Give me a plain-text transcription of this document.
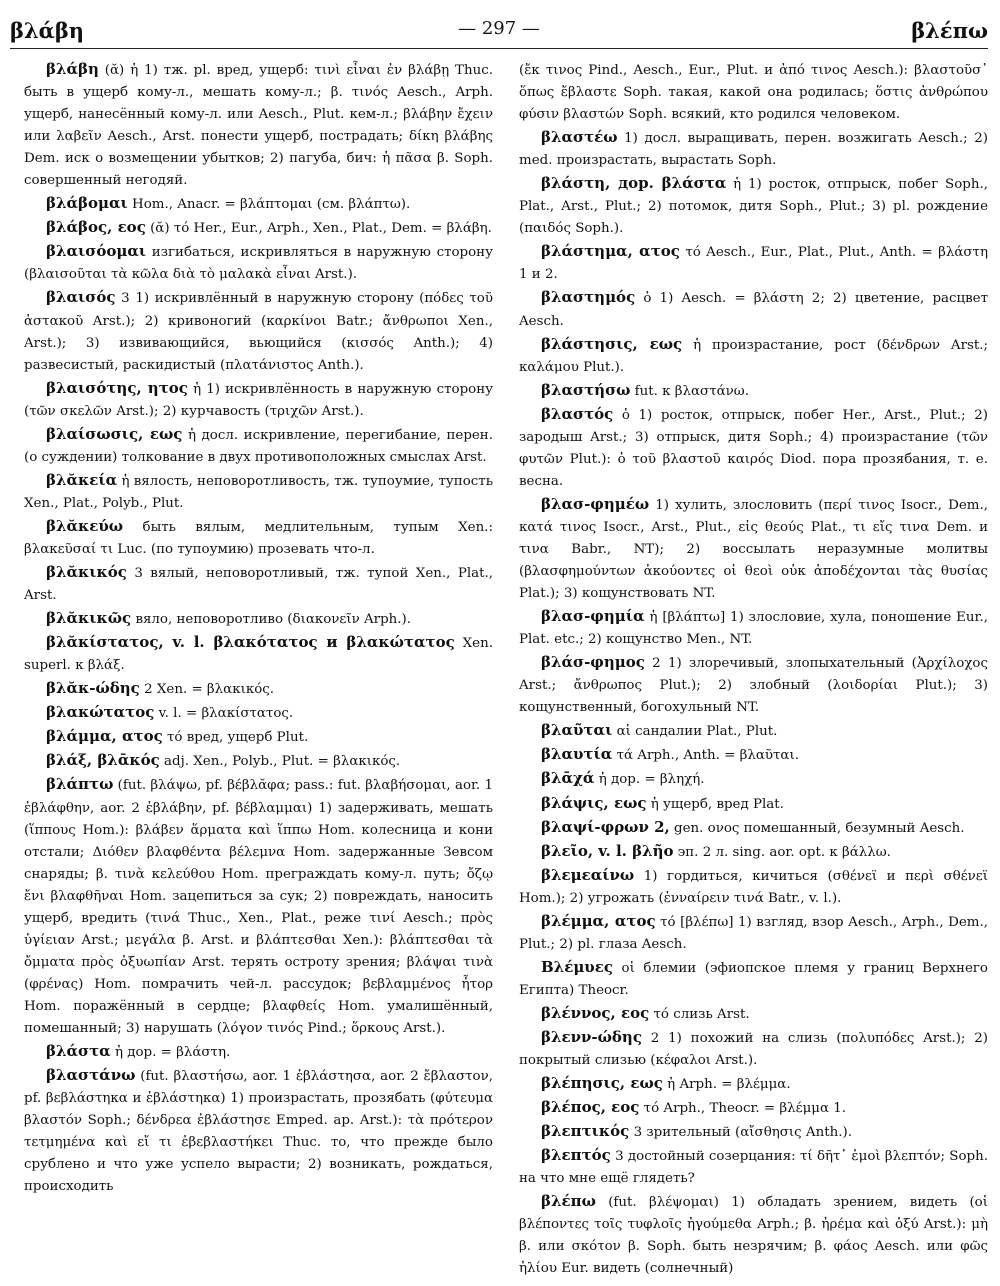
βλάβη	— 297 —	βλέπω
βλάβη (ᾰ) ἡ 1) тж. pl. вред, ущерб: τινὶ εἶναι ἐν βλάβῃ Thuc. быть в ущерб кому-л., мешать кому-л.; β. τινός Aesch., Arph. ущерб, нанесённый кому-л. или Aesch., Plut. кем-л.; βλάβην ἔχειν или λαβεῖν Aesch., Arst. понести ущерб, пострадать; δίκη βλάβης Dem. иск о возмещении убытков; 2) пагуба, бич: ἡ πᾶσα β. Soph. совершенный негодяй.
βλάβομαι Hom., Anacr. = βλάπτομαι (см. βλάπτω).
βλάβος, εος (ᾰ) τό Her., Eur., Arph., Xen., Plat., Dem. = βλάβη.
βλαισόομαι изгибаться, искривляться в наружную сторону (βλαισοῦται τὰ κῶλα διὰ τὸ μαλακὰ εἶναι Arst.).
βλαισός 3 1) искривлённый в наружную сторону (πόδες τοῦ ἀστακοῦ Arst.); 2) кривоногий (καρκίνοι Batr.; ἄνθρωποι Xen., Arst.); 3) извивающийся, вьющийся (κισσός Anth.); 4) развесистый, раскидистый (πλατάνιστος Anth.).
βλαισότης, ητος ἡ 1) искривлённость в наружную сторону (τῶν σκελῶν Arst.); 2) курчавость (τριχῶν Arst.).
βλαίσωσις, εως ἡ досл. искривление, перегибание, перен. (о суждении) толкование в двух противоположных смыслах Arst.
βλᾰκεία ἡ вялость, неповоротливость, тж. тупоумие, тупость Xen., Plat., Polyb., Plut.
βλᾰκεύω быть вялым, медлительным, тупым Xen.: βλακεῦσαί τι Luc. (по тупоумию) прозевать что-л.
βλᾰκικός 3 вялый, неповоротливый, тж. тупой Xen., Plat., Arst.
βλᾰκικῶς вяло, неповоротливо (διακονεῖν Arph.).
βλᾰκίστατος, v. l. βλακότατος и βλακώτατος Xen. superl. к βλάξ.
βλᾰκ-ώδης 2 Xen. = βλακικός.
βλακώτατος v. l. = βλακίστατος.
βλάμμα, ατος τό вред, ущерб Plut.
βλάξ, βλᾱκός adj. Xen., Polyb., Plut. = βλακικός.
βλάπτω (fut. βλάψω, pf. βέβλᾰφα; pass.: fut. βλαβήσομαι, aor. 1 ἐβλάφθην, aor. 2 ἐβλάβην, pf. βέβλαμμαι) 1) задерживать, мешать (ἵππους Hom.): βλάβεν ἅρματα καὶ ἵππω Hom. колесница и кони отстали; Διόθεν βλαφθέντα βέλεμνα Hom. задержанные Зевсом снаряды; β. τινὰ κελεύθου Hom. преграждать кому-л. путь; ὄζῳ ἔνι βλαφθῆναι Hom. зацепиться за сук; 2) повреждать, наносить ущерб, вредить (τινά Thuc., Xen., Plat., реже τινί Aesch.; πρὸς ὑγίειαν Arst.; μεγάλα β. Arst. и βλάπτεσθαι Xen.): βλάπτεσθαι τὰ ὄμματα πρὸς ὀξυωπίαν Arst. терять остроту зрения; βλάψαι τινὰ (φρένας) Hom. помрачить чей-л. рассудок; βεβλαμμένος ἦτορ Hom. поражённый в сердце; βλαφθείς Hom. умалишённый, помешанный; 3) нарушать (λόγον τινός Pind.; ὅρκους Arst.).
βλάστα ἡ дор. = βλάστη.
βλαστάνω (fut. βλαστήσω, aor. 1 ἐβλάστησα, aor. 2 ἔβλαστον, pf. βεβλάστηκα и ἐβλάστηκα) 1) произрастать, прозябать (φύτευμα βλαστόν Soph.; δένδρεα ἐβλάστησε Emped. ap. Arst.): τὰ πρότερον τετμημένα καὶ εἴ τι ἐβεβλαστήκει Thuc. то, что прежде было срублено и что уже успело вырасти; 2) возникать, рождаться, происходить
(ἔκ τινος Pind., Aesch., Eur., Plut. и ἀπό τινος Aesch.): βλαστοῦσ᾽ ὅπως ἔβλαστε Soph. такая, какой она родилась; ὅστις ἀνθρώπου φύσιν βλαστών Soph. всякий, кто родился человеком.
βλαστέω 1) досл. выращивать, перен. возжигать Aesch.; 2) med. произрастать, вырастать Soph.
βλάστη, дор. βλάστα ἡ 1) росток, отпрыск, побег Soph., Plat., Arst., Plut.; 2) потомок, дитя Soph., Plut.; 3) pl. рождение (παιδός Soph.).
βλάστημα, ατος τό Aesch., Eur., Plat., Plut., Anth. = βλάστη 1 и 2.
βλαστημός ὁ 1) Aesch. = βλάστη 2; 2) цветение, расцвет Aesch.
βλάστησις, εως ἡ произрастание, рост (δένδρων Arst.; καλάμου Plut.).
βλαστήσω fut. к βλαστάνω.
βλαστός ὁ 1) росток, отпрыск, побег Her., Arst., Plut.; 2) зародыш Arst.; 3) отпрыск, дитя Soph.; 4) произрастание (τῶν φυτῶν Plut.): ὁ τοῦ βλαστοῦ καιρός Diod. пора прозябания, т. е. весна.
βλασ-φημέω 1) хулить, злословить (περί τινος Isocr., Dem., κατά τινος Isocr., Arst., Plut., εἰς θεούς Plat., τι εἴς τινα Dem. и τινα Babr., NT); 2) воссылать неразумные молитвы (βλασφημούντων ἀκούοντες οἱ θεοὶ οὐκ ἀποδέχονται τὰς θυσίας Plat.); 3) кощунствовать NT.
βλασ-φημία ἡ [βλάπτω] 1) злословие, хула, поношение Eur., Plat. etc.; 2) кощунство Men., NT.
βλάσ-φημος 2 1) злоречивый, злопыхательный (Ἀρχίλοχος Arst.; ἄνθρωπος Plut.); 2) злобный (λοιδορίαι Plut.); 3) кощунственный, богохульный NT.
βλαῦται αἱ сандалии Plat., Plut.
βλαυτία τά Arph., Anth. = βλαῦται.
βλᾱχά ἡ дор. = βληχή.
βλάψις, εως ἡ ущерб, вред Plat.
βλαψί-φρων 2, gen. ονος помешанный, безумный Aesch.
βλεῖο, v. l. βλῆο эп. 2 л. sing. aor. opt. к βάλλω.
βλεμεαίνω 1) гордиться, кичиться (σθένεϊ и περὶ σθένεϊ Hom.); 2) угрожать (ἐνναίρειν τινά Batr., v. l.).
βλέμμα, ατος τό [βλέπω] 1) взгляд, взор Aesch., Arph., Dem., Plut.; 2) pl. глаза Aesch.
Βλέμυες οἱ блемии (эфиопское племя у границ Верхнего Египта) Theocr.
βλέννος, εος τό слизь Arst.
βλενν-ώδης 2 1) похожий на слизь (πολυπόδες Arst.); 2) покрытый слизью (κέφαλοι Arst.).
βλέπησις, εως ἡ Arph. = βλέμμα.
βλέπος, εος τό Arph., Theocr. = βλέμμα 1.
βλεπτικός 3 зрительный (αἴσθησις Anth.).
βλεπτός 3 достойный созерцания: τί δῆτ᾽ ἐμοὶ βλεπτόν; Soph. на что мне ещё глядеть?
βλέπω (fut. βλέψομαι) 1) обладать зрением, видеть (οἱ βλέποντες τοῖς τυφλοῖς ἡγούμεθα Arph.; β. ἠρέμα καὶ ὀξύ Arst.): μὴ β. или σκότον β. Soph. быть незрячим; β. φάος Aesch. или φῶς ἡλίου Eur. видеть (солнечный)
